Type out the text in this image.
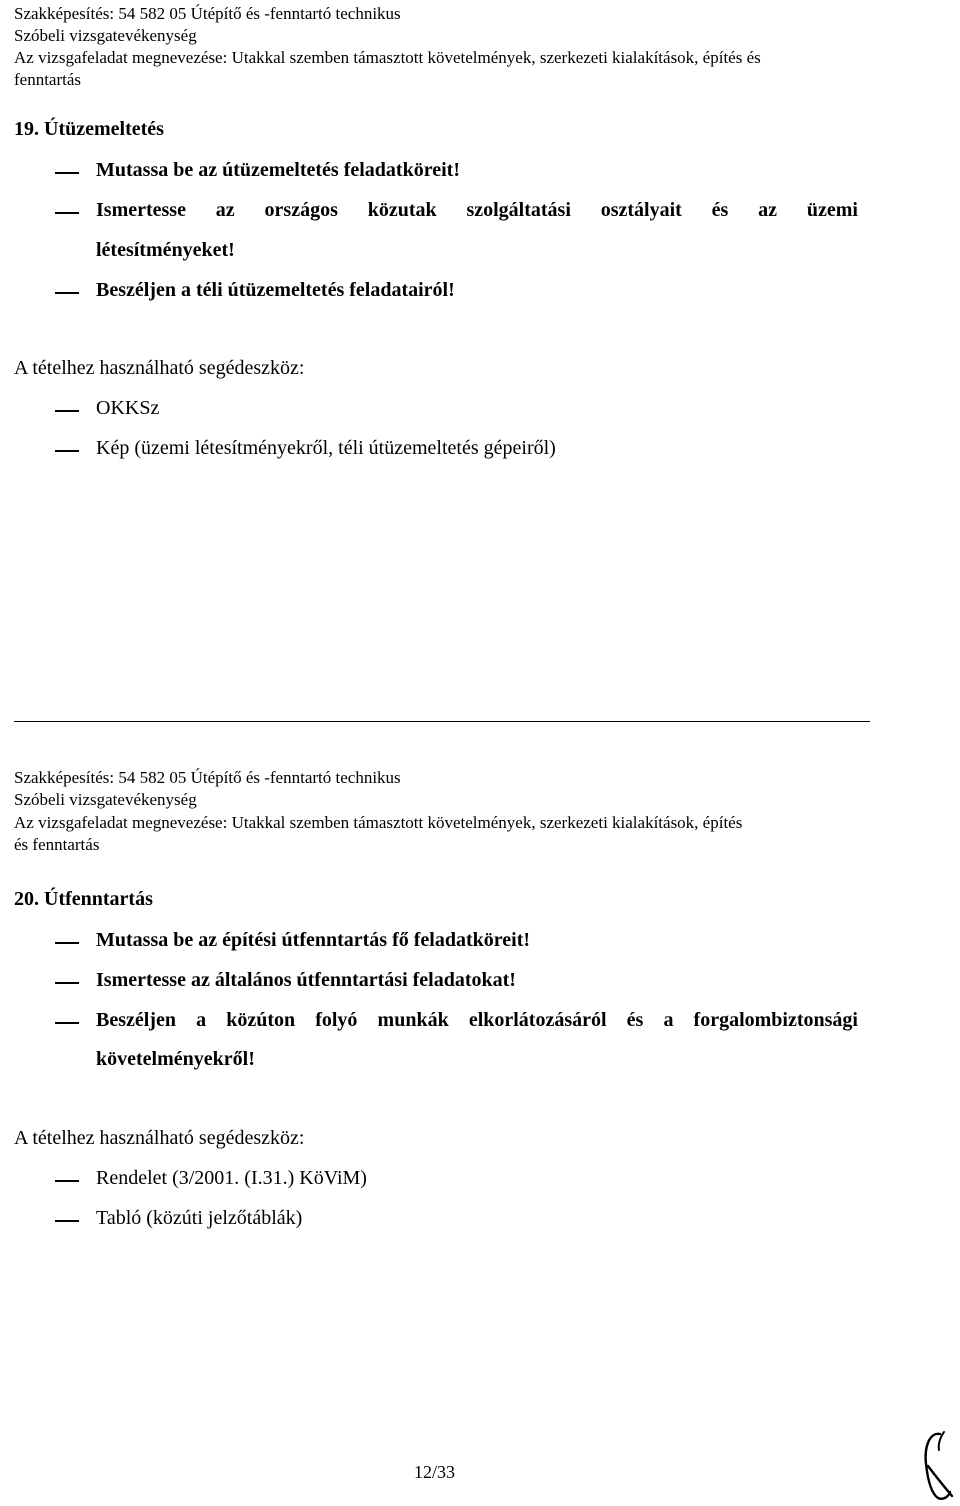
Szakképesítés: 54 582 05 Útépítő és -fenntartó technikus
Szóbeli vizsgatevékenység
Az vizsgafeladat megnevezése: Utakkal szemben támasztott követelmények, szerkezeti kialakítások, építés és
fenntartás
19. Útüzemeltetés
Mutassa be az útüzemeltetés feladatköreit!
Ismertesse az országos közutak szolgáltatási osztályait és az üzemi
létesítményeket!
Beszéljen a téli útüzemeltetés feladatairól!
A tételhez használható segédeszköz:
OKKSz
Kép (üzemi létesítményekről, téli útüzemeltetés gépeiről)
Szakképesítés: 54 582 05 Útépítő és -fenntartó technikus
Szóbeli vizsgatevékenység
Az vizsgafeladat megnevezése: Utakkal szemben támasztott követelmények, szerkezeti kialakítások, építés
és fenntartás
20. Útfenntartás
Mutassa be az építési útfenntartás fő feladatköreit!
Ismertesse az általános útfenntartási feladatokat!
Beszéljen a közúton folyó munkák elkorlátozásáról és a forgalombiztonsági
követelményekről!
A tételhez használható segédeszköz:
Rendelet (3/2001. (I.31.) KöViM)
Tabló (közúti jelzőtáblák)
12/33
